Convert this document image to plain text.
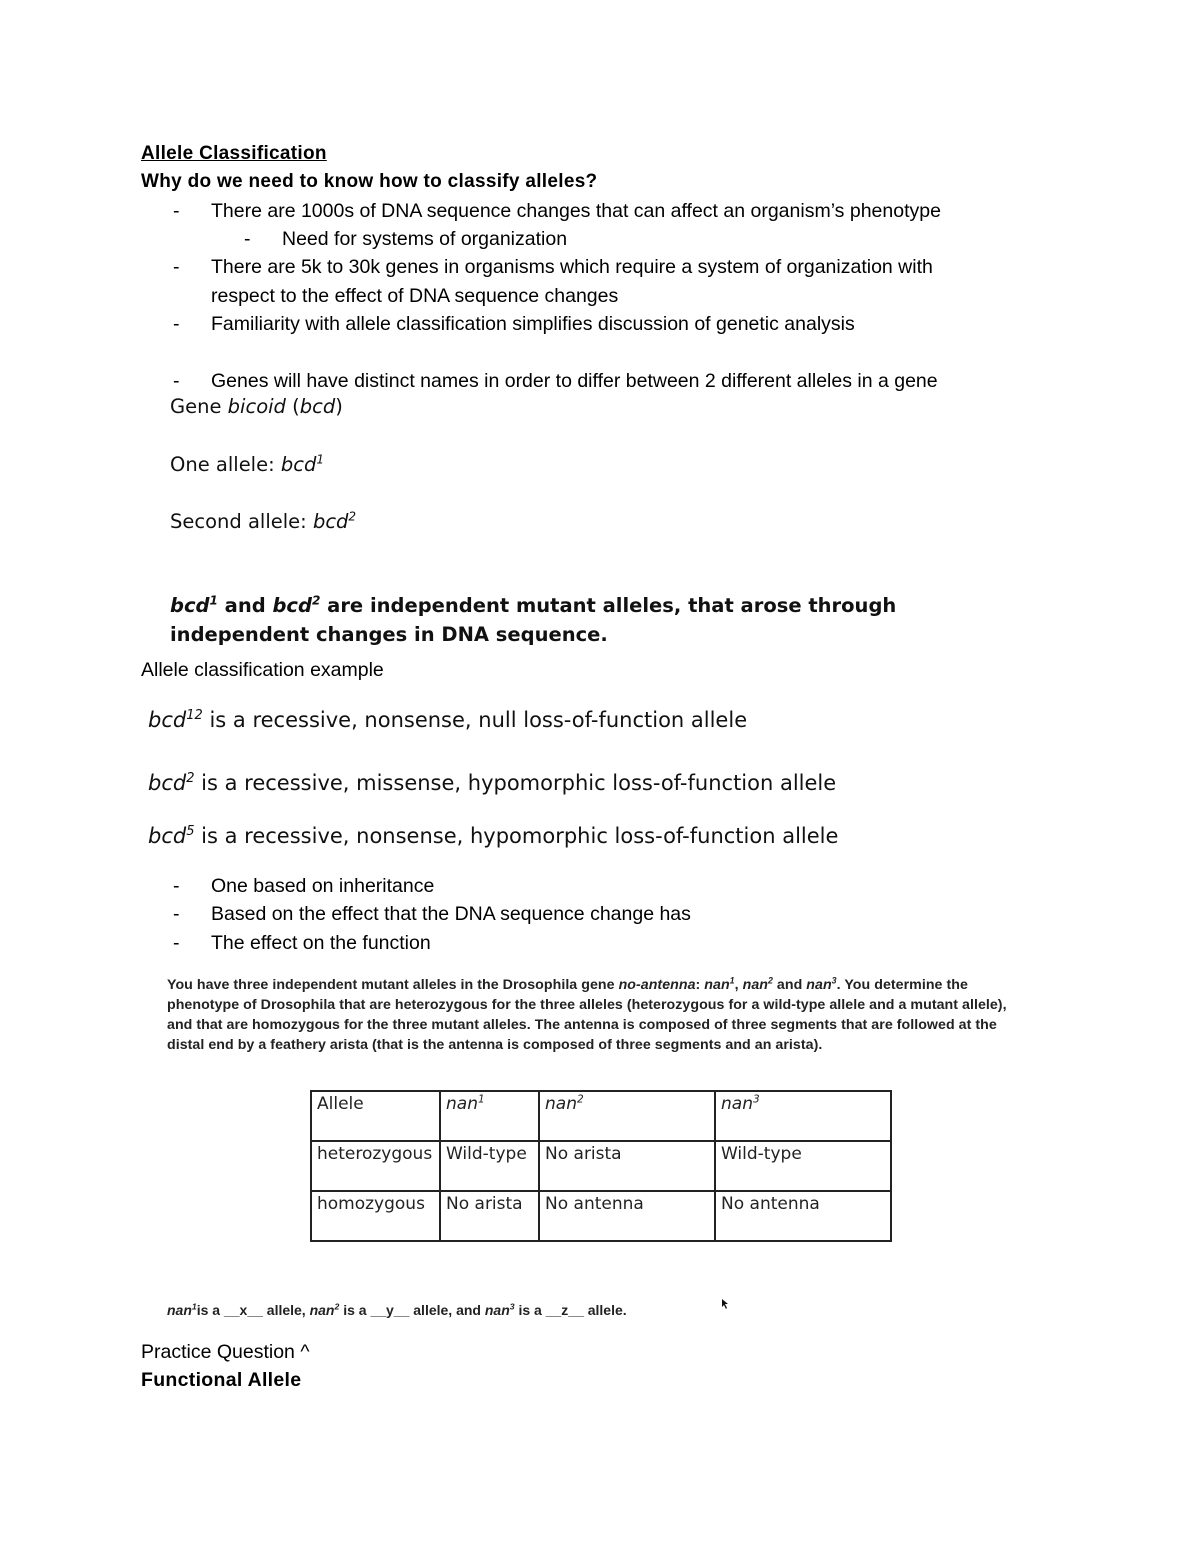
Allele Classification
Why do we need to know how to classify alleles?
- There are 1000s of DNA sequence changes that can affect an organism’s phenotype
- Need for systems of organization
- There are 5k to 30k genes in organisms which require a system of organization with
respect to the effect of DNA sequence changes
- Familiarity with allele classification simplifies discussion of genetic analysis
- Genes will have distinct names in order to differ between 2 different alleles in a gene
Gene bicoid (bcd)
One allele: bcd$^1$
Second allele: bcd$^2$
bcd$^1$ and bcd$^2$ are independent mutant alleles, that arose through
independent changes in DNA sequence.
Allele classification example
bcd$^{12}$ is a recessive, nonsense, null loss-of-function allele
bcd$^2$ is a recessive, missense, hypomorphic loss-of-function allele
bcd$^5$ is a recessive, nonsense, hypomorphic loss-of-function allele
- One based on inheritance
- Based on the effect that the DNA sequence change has
- The effect on the function
You have three independent mutant alleles in the Drosophila gene no-antenna: nan$^1$, nan$^2$ and nan$^3$. You determine the
phenotype of Drosophila that are heterozygous for the three alleles (heterozygous for a wild-type allele and a mutant allele),
and that are homozygous for the three mutant alleles. The antenna is composed of three segments that are followed at the
distal end by a feathery arista (that is the antenna is composed of three segments and an arista).
Allele	nan$^1$	nan$^2$	nan$^3$
heterozygous	Wild-type	No arista	Wild-type
homozygous	No arista	No antenna	No antenna
nan$^1$is a __x__ allele, nan$^2$ is a __y__ allele, and nan$^3$ is a __z__ allele.
Practice Question ^
Functional Allele
